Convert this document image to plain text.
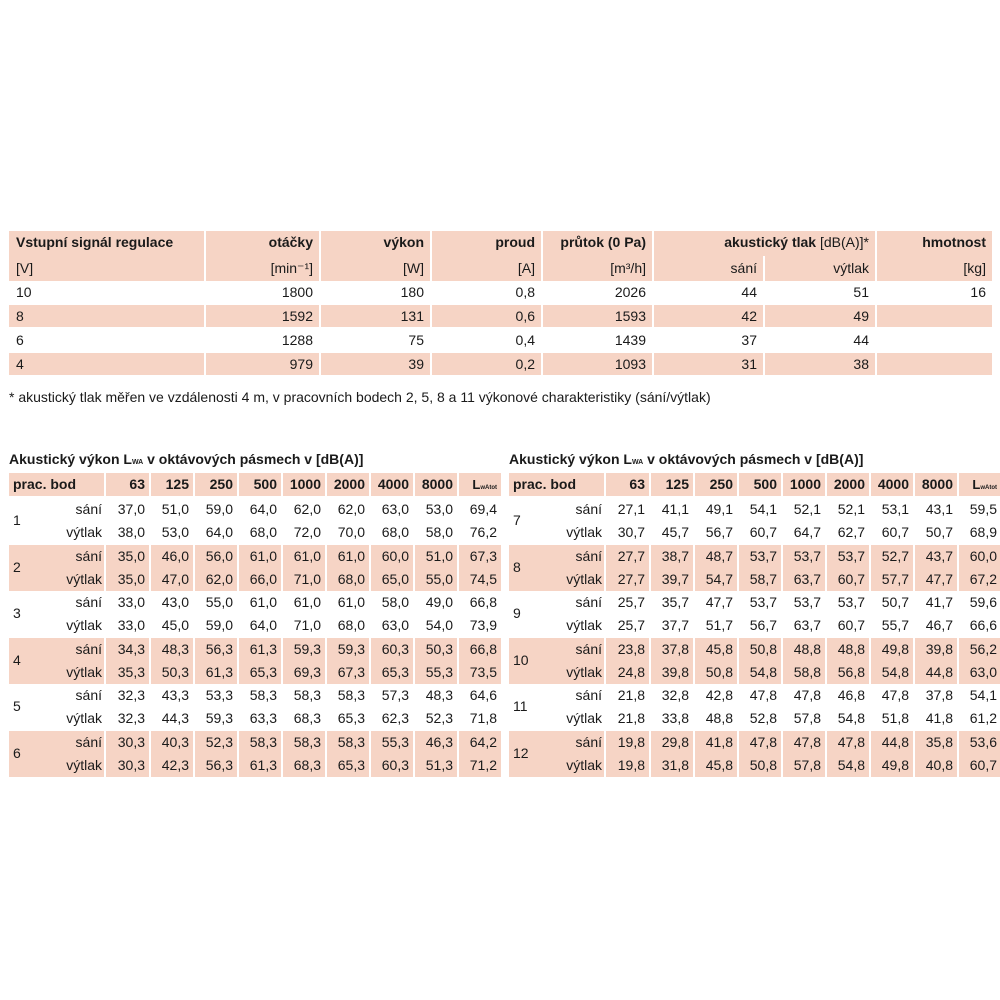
Vstupní signál regulace	otáčky	výkon	proud	průtok (0 Pa)	akustický tlak [dB(A)]*	hmotnost
[V]	[min⁻¹]	[W]	[A]	[m³/h]	sání	výtlak	[kg]
10	1800	180	0,8	2026	44	51	16
8	1592	131	0,6	1593	42	49
6	1288	75	0,4	1439	37	44
4	979	39	0,2	1093	31	38
* akustický tlak měřen ve vzdálenosti 4 m, v pracovních bodech 2, 5, 8 a 11 výkonové charakteristiky (sání/výtlak)
Akustický výkon LWA v oktávových pásmech v [dB(A)]	Akustický výkon LWA v oktávových pásmech v [dB(A)]
prac. bod	63	125	250	500 1000 2000 4000 8000	LwAtot
1
sání	37,0	51,0	59,0	64,0	62,0	62,0	63,0	53,0	69,4
výtlak	38,0	53,0	64,0	68,0	72,0	70,0	68,0	58,0	76,2
2
sání	35,0	46,0	56,0	61,0	61,0	61,0	60,0	51,0	67,3
výtlak	35,0	47,0	62,0	66,0	71,0	68,0	65,0	55,0	74,5
3
sání	33,0	43,0	55,0	61,0	61,0	61,0	58,0	49,0	66,8
výtlak	33,0	45,0	59,0	64,0	71,0	68,0	63,0	54,0	73,9
4
sání	34,3	48,3	56,3	61,3	59,3	59,3	60,3	50,3	66,8
výtlak	35,3	50,3	61,3	65,3	69,3	67,3	65,3	55,3	73,5
5
sání	32,3	43,3	53,3	58,3	58,3	58,3	57,3	48,3	64,6
výtlak	32,3	44,3	59,3	63,3	68,3	65,3	62,3	52,3	71,8
6
sání	30,3	40,3	52,3	58,3	58,3	58,3	55,3	46,3	64,2
výtlak	30,3	42,3	56,3	61,3	68,3	65,3	60,3	51,3	71,2
prac. bod	63	125	250	500 1000 2000 4000 8000	LwAtot
7
sání	27,1	41,1	49,1	54,1	52,1	52,1	53,1	43,1	59,5
výtlak	30,7	45,7	56,7	60,7	64,7	62,7	60,7	50,7	68,9
8
sání	27,7	38,7	48,7	53,7	53,7	53,7	52,7	43,7	60,0
výtlak	27,7	39,7	54,7	58,7	63,7	60,7	57,7	47,7	67,2
9
sání	25,7	35,7	47,7	53,7	53,7	53,7	50,7	41,7	59,6
výtlak	25,7	37,7	51,7	56,7	63,7	60,7	55,7	46,7	66,6
10
sání	23,8	37,8	45,8	50,8	48,8	48,8	49,8	39,8	56,2
výtlak	24,8	39,8	50,8	54,8	58,8	56,8	54,8	44,8	63,0
11
sání	21,8	32,8	42,8	47,8	47,8	46,8	47,8	37,8	54,1
výtlak	21,8	33,8	48,8	52,8	57,8	54,8	51,8	41,8	61,2
12
sání	19,8	29,8	41,8	47,8	47,8	47,8	44,8	35,8	53,6
výtlak	19,8	31,8	45,8	50,8	57,8	54,8	49,8	40,8	60,7
